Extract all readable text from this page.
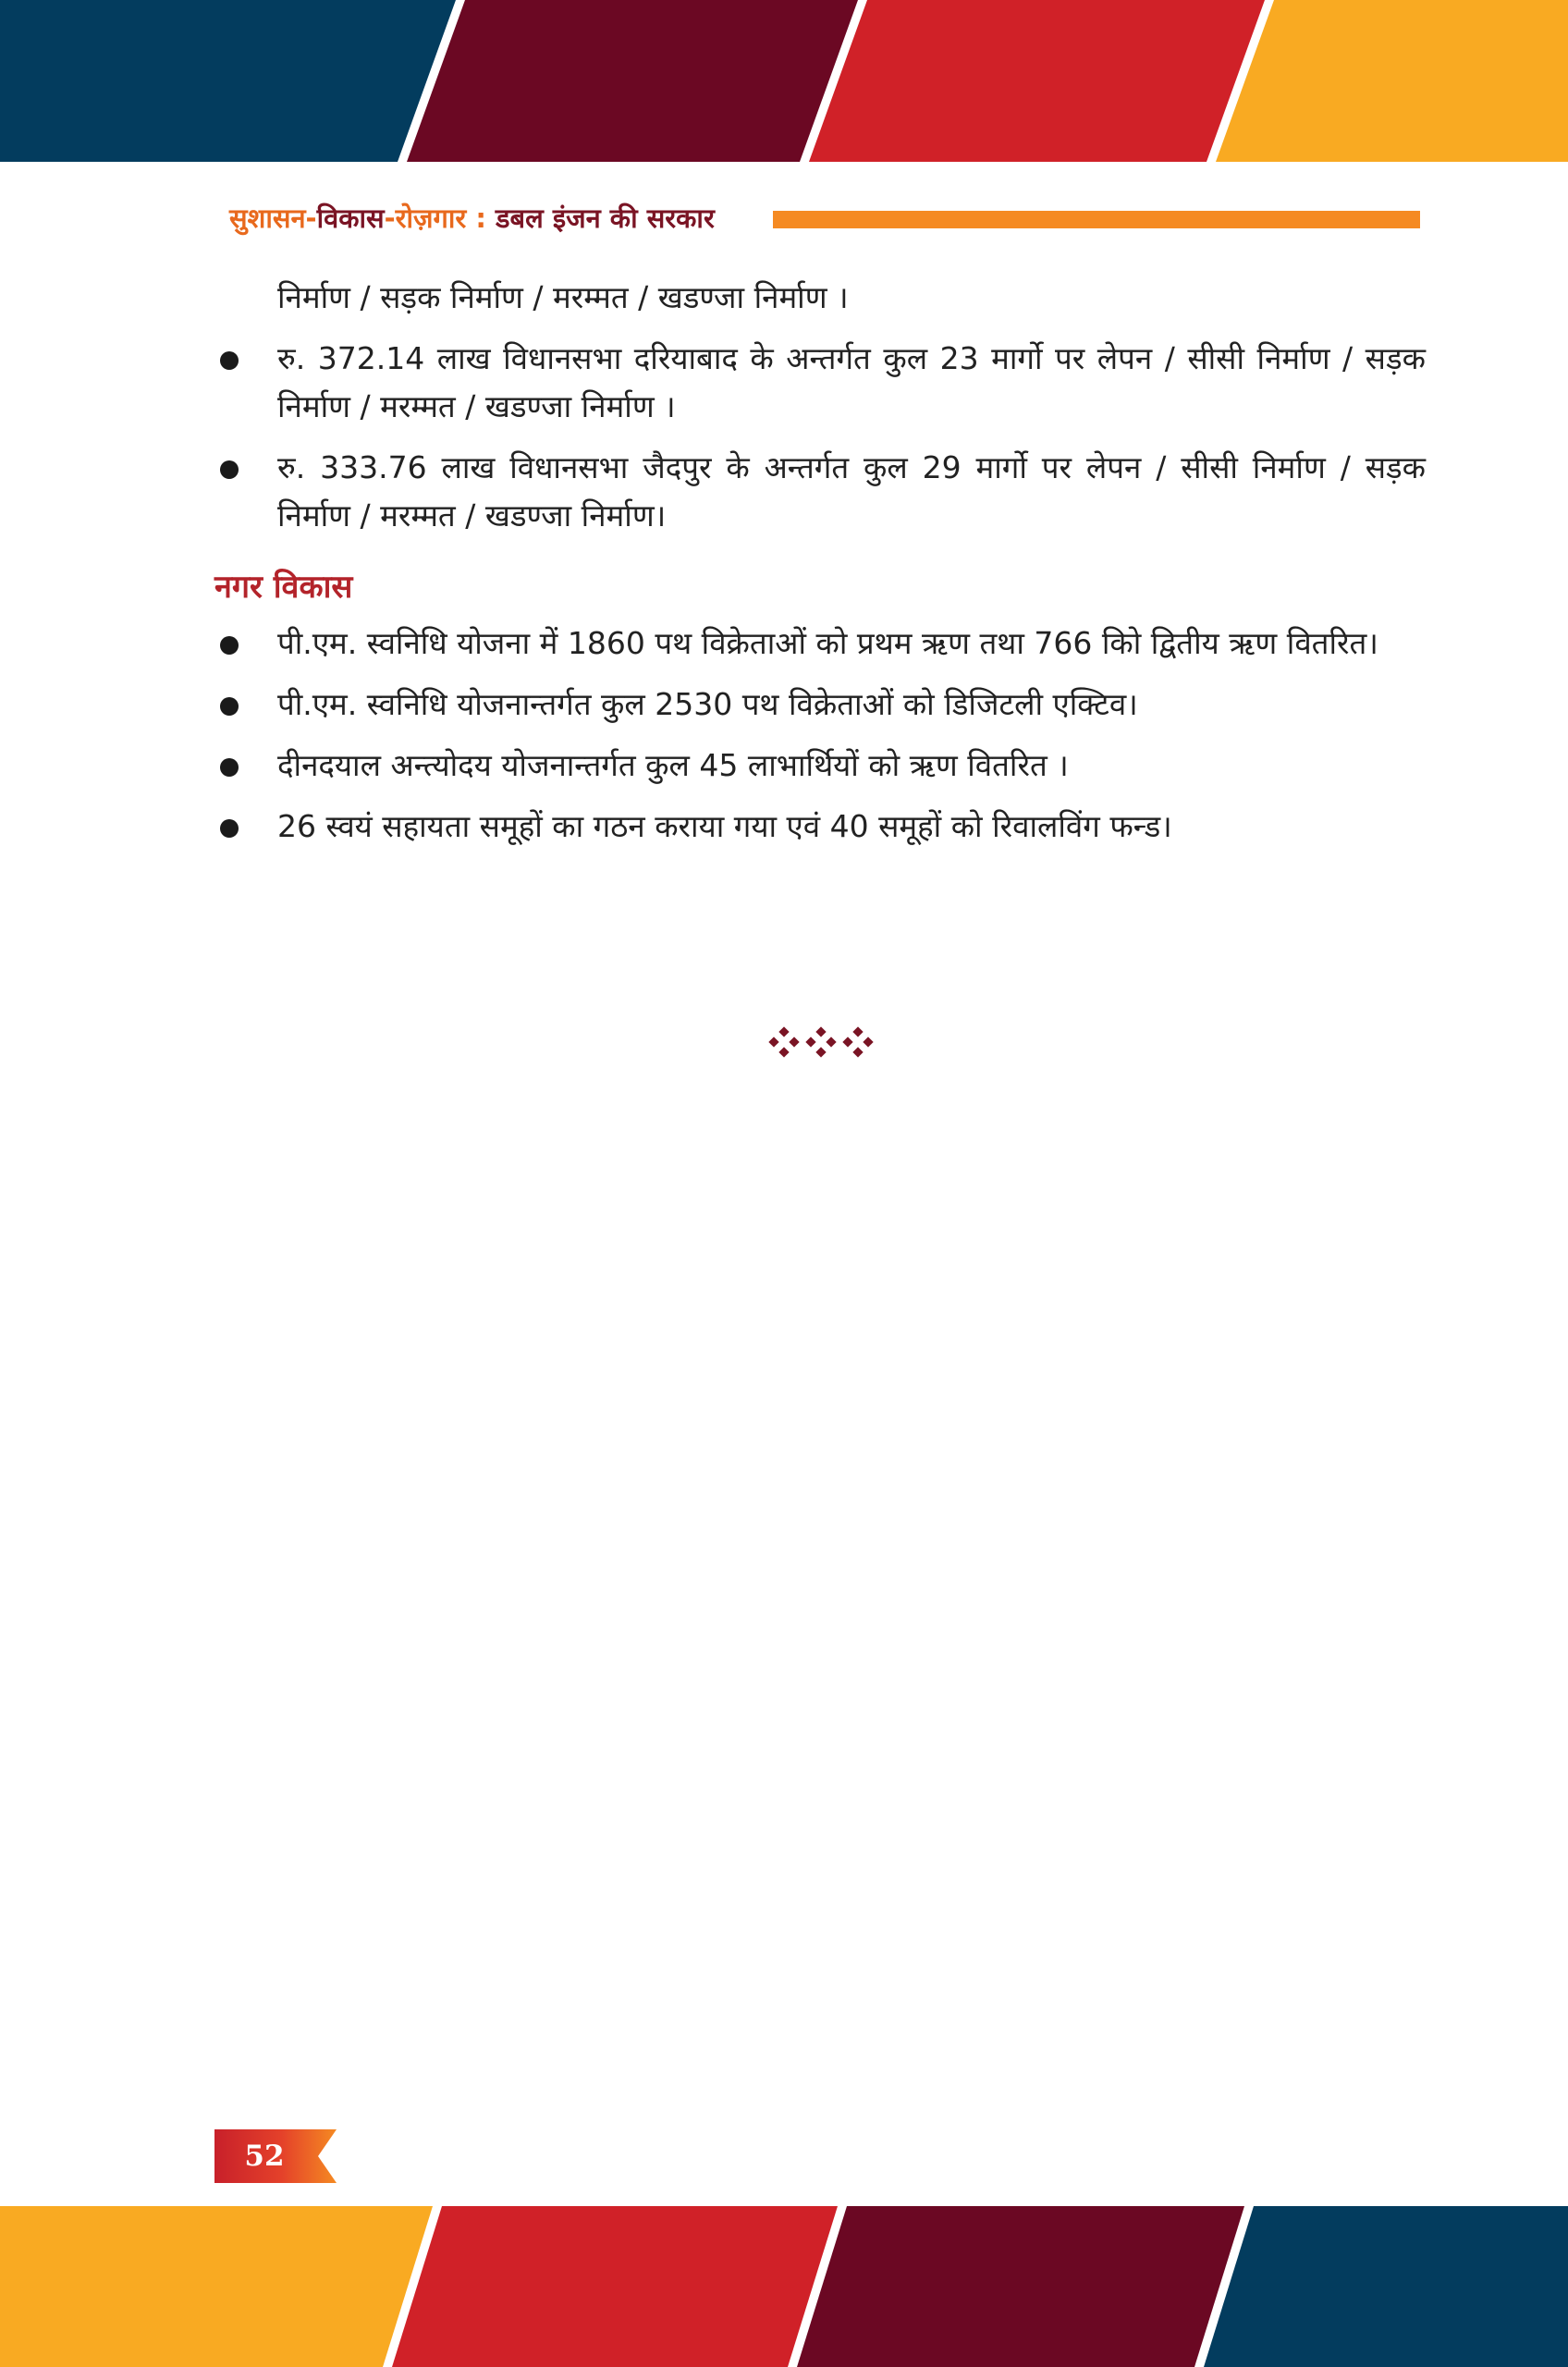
सुशासन-विकास-रोज़गार : डबल इंजन की सरकार

निर्माण / सड़क निर्माण / मरम्मत / खडण्जा निर्माण ।

रु. 372.14 लाख विधानसभा दरियाबाद के अन्तर्गत कुल 23 मार्गो पर लेपन / सीसी निर्माण / सड़क निर्माण / मरम्मत / खडण्जा निर्माण ।

रु. 333.76 लाख विधानसभा जैदपुर के अन्तर्गत कुल 29 मार्गो पर लेपन / सीसी निर्माण / सड़क निर्माण / मरम्मत / खडण्जा निर्माण।

नगर विकास

पी.एम. स्वनिधि योजना में 1860 पथ विक्रेताओं को प्रथम ऋण तथा 766 किो द्वितीय ऋण वितरित।

पी.एम. स्वनिधि योजनान्तर्गत कुल 2530 पथ विक्रेताओं को डिजिटली एक्टिव।

दीनदयाल अन्त्योदय योजनान्तर्गत कुल 45 लाभार्थियों को ऋण वितरित ।

26 स्वयं सहायता समूहों का गठन कराया गया एवं 40 समूहों को रिवालविंग फन्ड।

52
